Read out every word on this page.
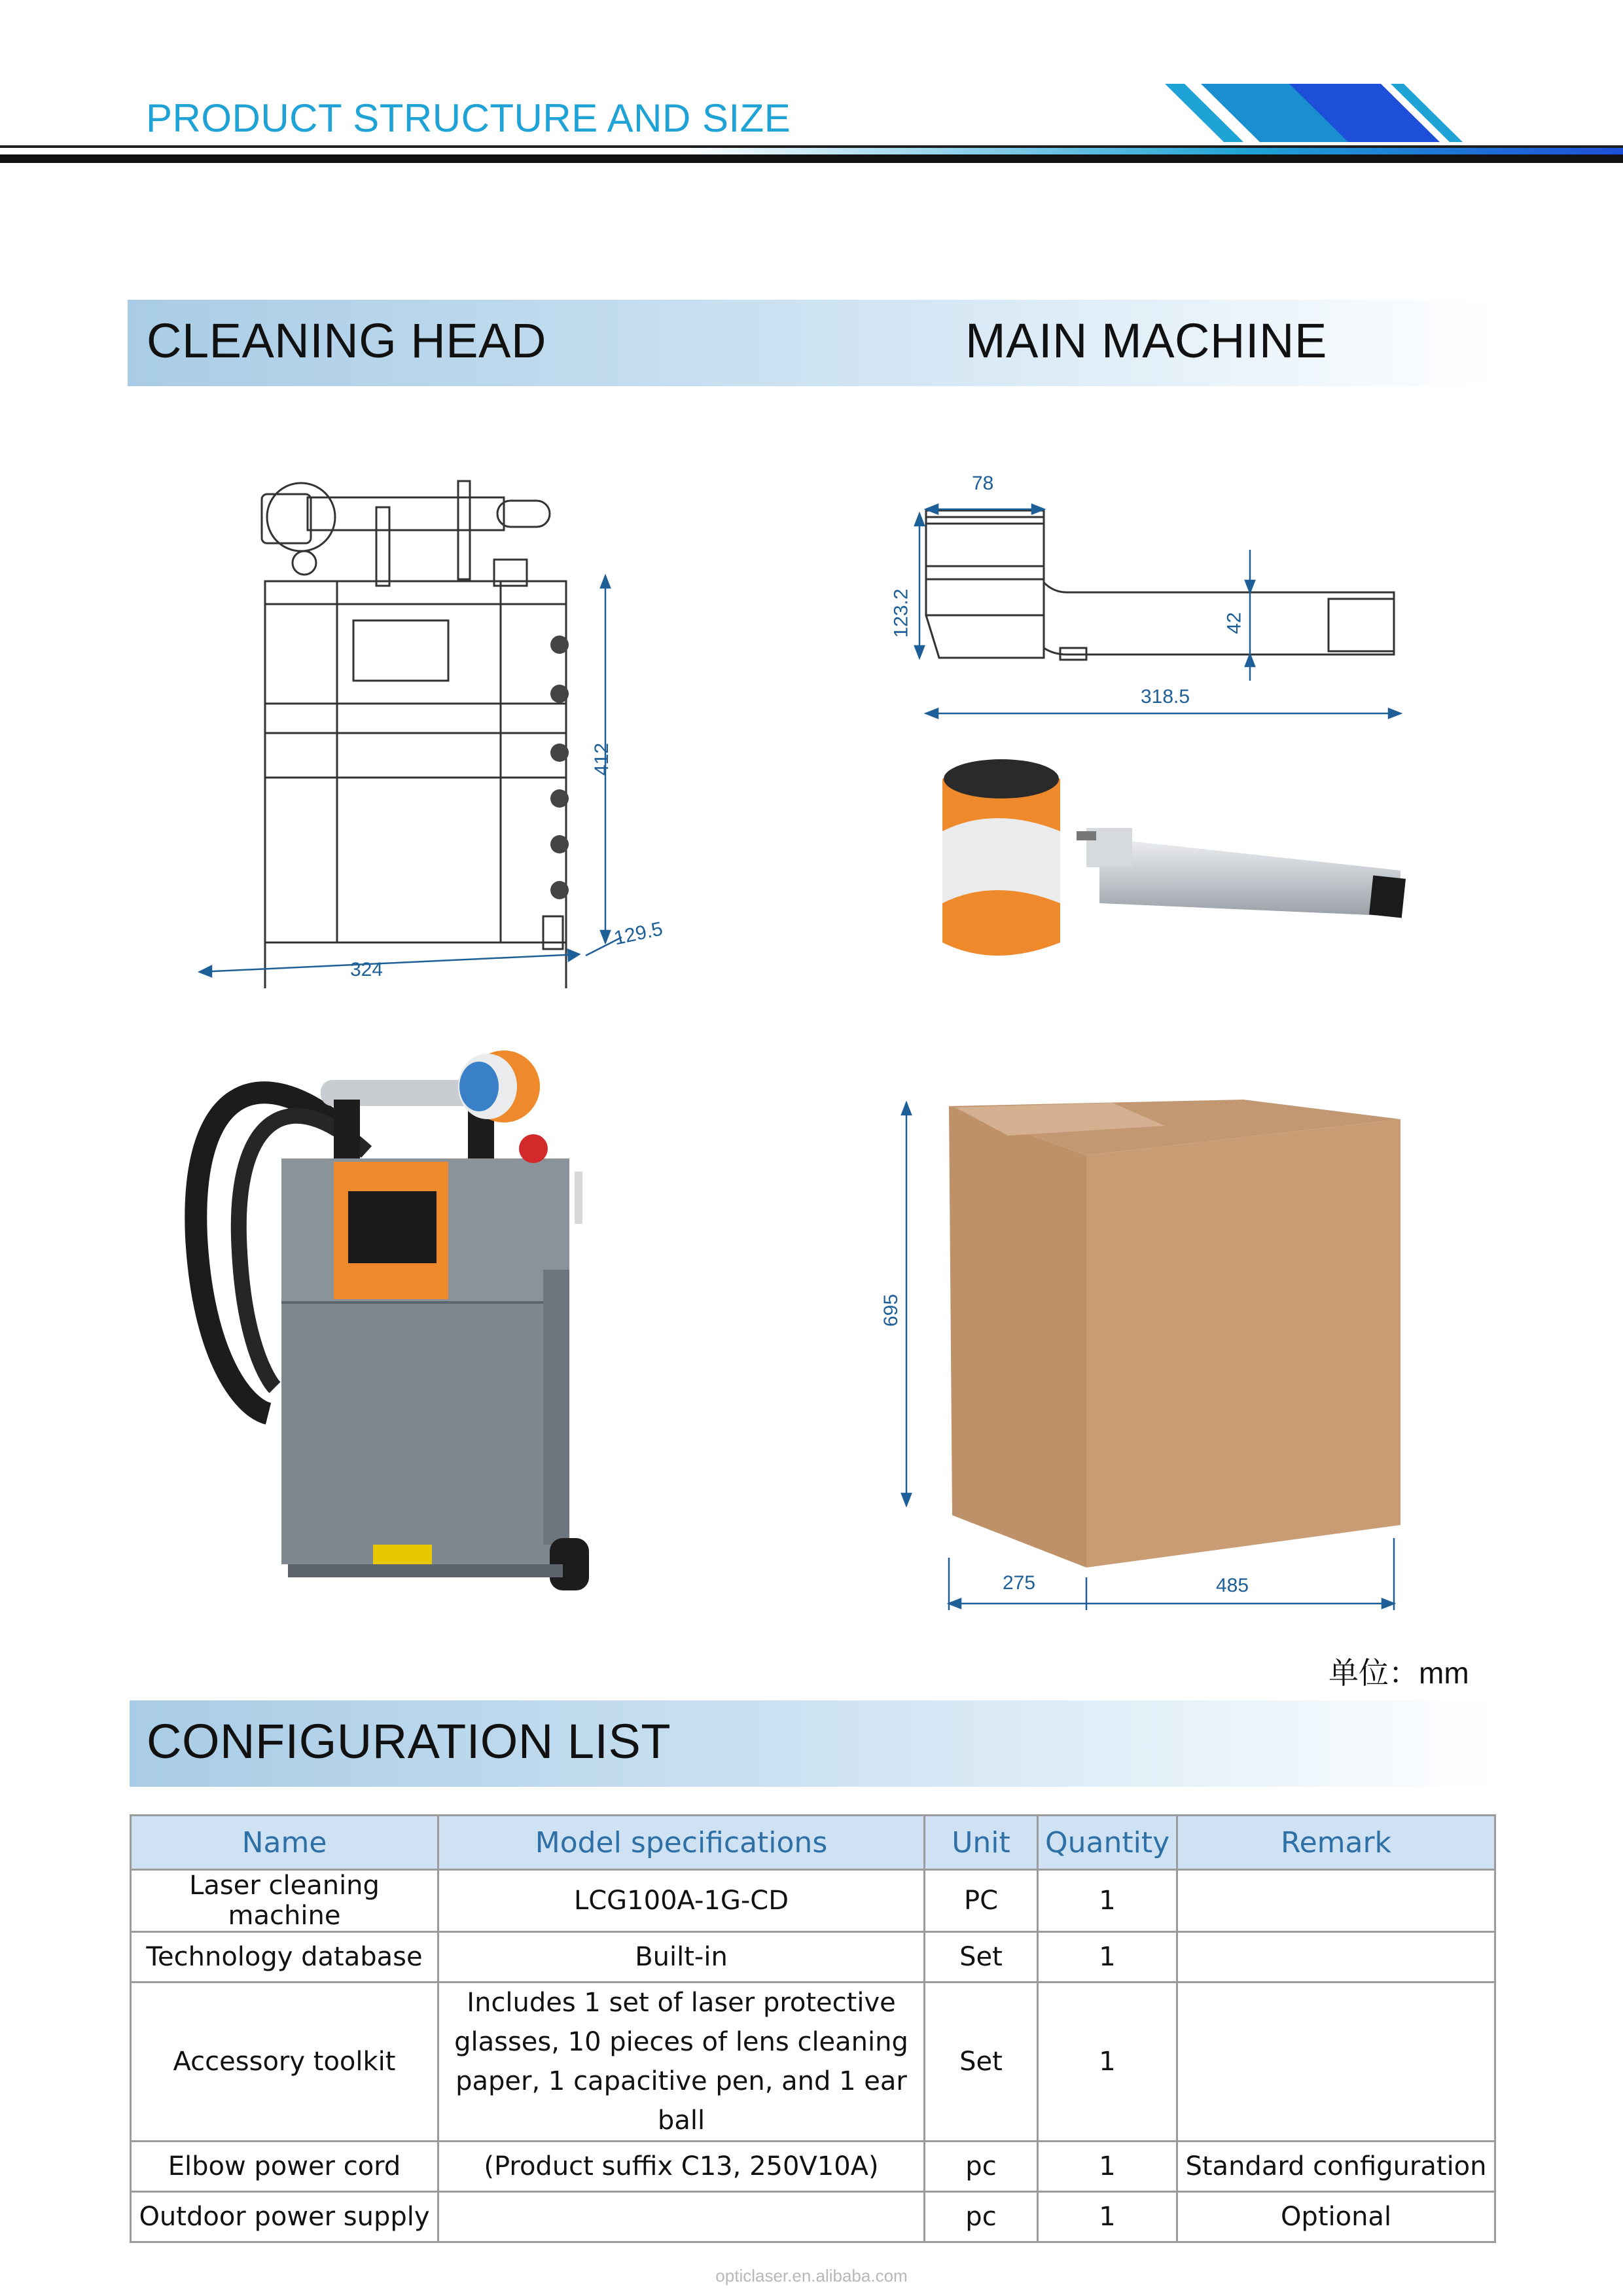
PRODUCT STRUCTURE AND SIZE
CLEANING HEAD	MAIN MACHINE
412
324
129.5
78
123.2	42
318.5
695
275	485
单位：mm
CONFIGURATION LIST
Name	Model specifications	Unit	Quantity	Remark
Laser cleaning machine	LCG100A-1G-CD	PC	1	
Technology database	Built-in	Set	1	
Accessory toolkit	Includes 1 set of laser protective
glasses, 10 pieces of lens cleaning
paper, 1 capacitive pen, and 1 ear ball	Set	1	
Elbow power cord	(Product suffix C13, 250V10A)	pc	1	Standard configuration
Outdoor power supply		pc	1	Optional
opticlaser.en.alibaba.com
